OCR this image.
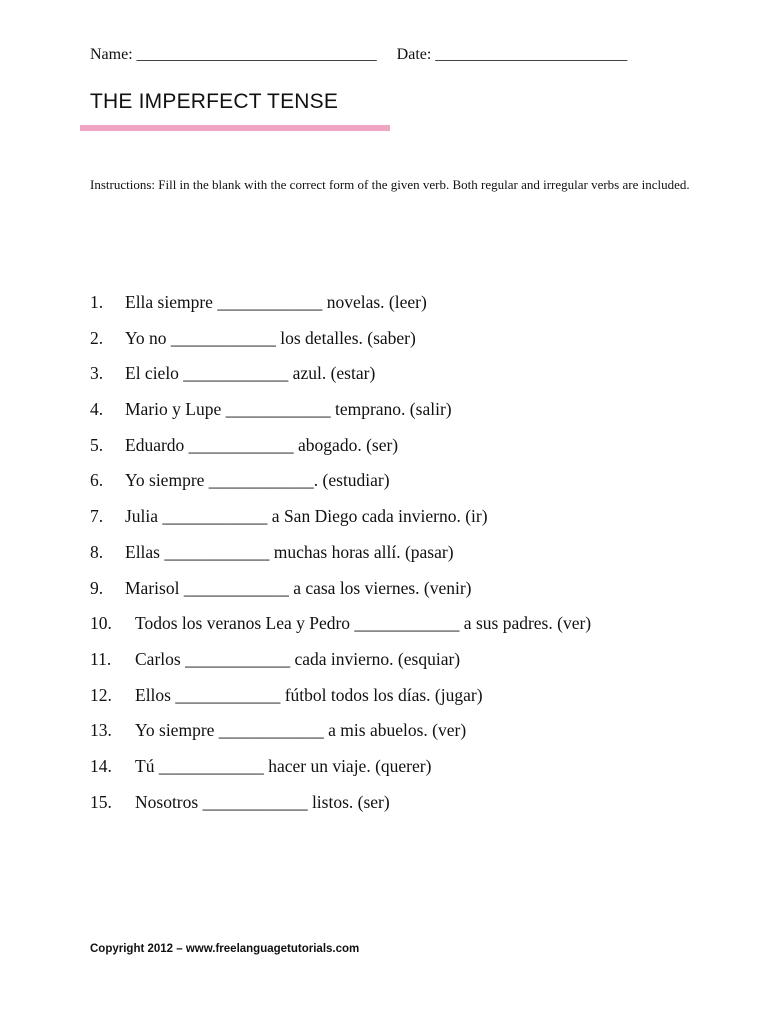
Name: ______________________________ Date: ________________________
THE IMPERFECT TENSE
Instructions: Fill in the blank with the correct form of the given verb. Both regular and irregular verbs are included.
1. Ella siempre ____________ novelas. (leer)
2. Yo no ____________ los detalles. (saber)
3. El cielo ____________ azul. (estar)
4. Mario y Lupe ____________ temprano. (salir)
5. Eduardo ____________ abogado. (ser)
6. Yo siempre ____________. (estudiar)
7. Julia ____________ a San Diego cada invierno. (ir)
8. Ellas ____________ muchas horas allí. (pasar)
9. Marisol ____________ a casa los viernes. (venir)
10. Todos los veranos Lea y Pedro ____________ a sus padres. (ver)
11. Carlos ____________ cada invierno. (esquiar)
12. Ellos ____________ fútbol todos los días. (jugar)
13. Yo siempre ____________ a mis abuelos. (ver)
14. Tú ____________ hacer un viaje. (querer)
15. Nosotros ____________ listos. (ser)
Copyright 2012 – www.freelanguagetutorials.com
